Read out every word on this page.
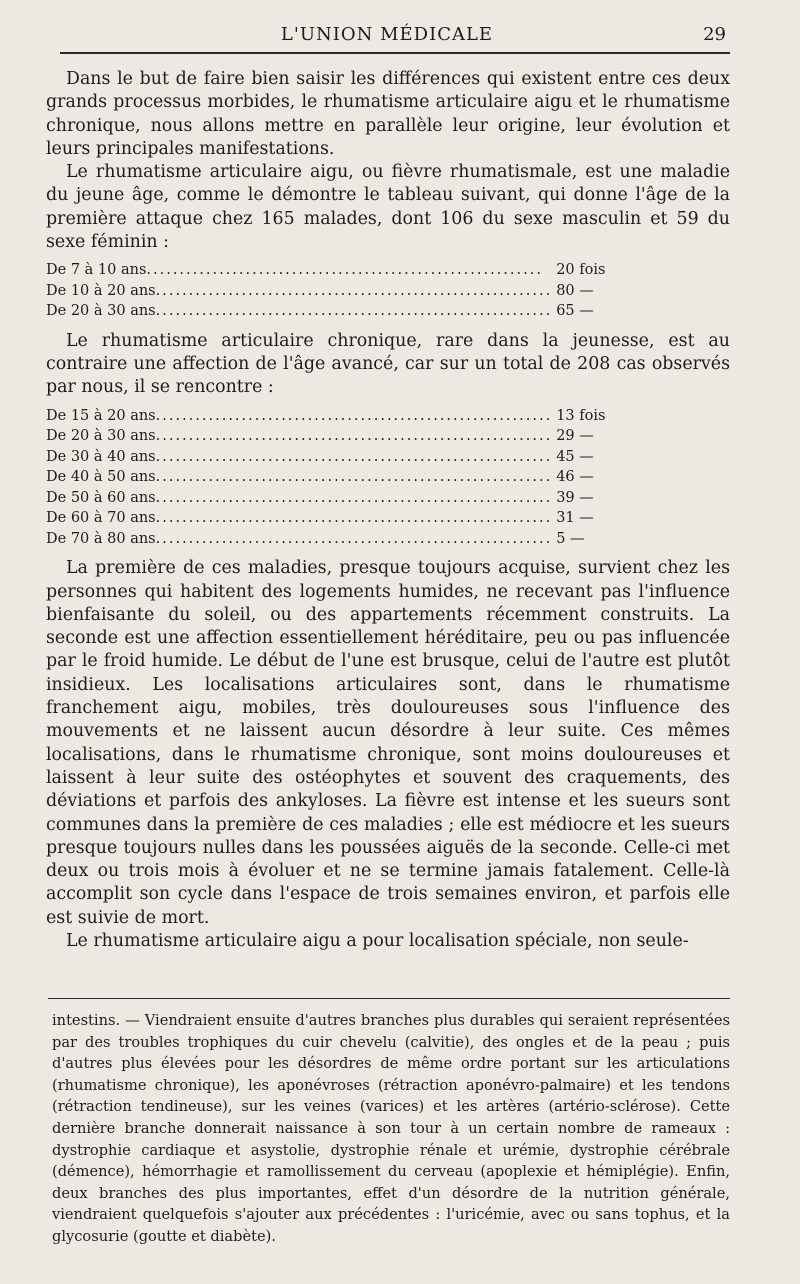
L'UNION MÉDICALE	29

Dans le but de faire bien saisir les différences qui existent entre ces deux grands processus morbides, le rhumatisme articulaire aigu et le rhumatisme chronique, nous allons mettre en parallèle leur origine, leur évolution et leurs principales manifestations.

Le rhumatisme articulaire aigu, ou fièvre rhumatismale, est une maladie du jeune âge, comme le démontre le tableau suivant, qui donne l'âge de la première attaque chez 165 malades, dont 106 du sexe masculin et 59 du sexe féminin :

De 7 à 10 ans............................................................	20 fois
De 10 à 20 ans............................................................	80 —
De 20 à 30 ans............................................................	65 —

Le rhumatisme articulaire chronique, rare dans la jeunesse, est au contraire une affection de l'âge avancé, car sur un total de 208 cas observés par nous, il se rencontre :

De 15 à 20 ans............................................................	13 fois
De 20 à 30 ans............................................................	29 —
De 30 à 40 ans............................................................	45 —
De 40 à 50 ans............................................................	46 —
De 50 à 60 ans............................................................	39 —
De 60 à 70 ans............................................................	31 —
De 70 à 80 ans............................................................	5 —

La première de ces maladies, presque toujours acquise, survient chez les personnes qui habitent des logements humides, ne recevant pas l'influence bienfaisante du soleil, ou des appartements récemment construits. La seconde est une affection essentiellement héréditaire, peu ou pas influencée par le froid humide. Le début de l'une est brusque, celui de l'autre est plutôt insidieux. Les localisations articulaires sont, dans le rhumatisme franchement aigu, mobiles, très douloureuses sous l'influence des mouvements et ne laissent aucun désordre à leur suite. Ces mêmes localisations, dans le rhumatisme chronique, sont moins douloureuses et laissent à leur suite des ostéophytes et souvent des craquements, des déviations et parfois des ankyloses. La fièvre est intense et les sueurs sont communes dans la première de ces maladies ; elle est médiocre et les sueurs presque toujours nulles dans les poussées aiguës de la seconde. Celle-ci met deux ou trois mois à évoluer et ne se termine jamais fatalement. Celle-là accomplit son cycle dans l'espace de trois semaines environ, et parfois elle est suivie de mort.

Le rhumatisme articulaire aigu a pour localisation spéciale, non seule-

intestins. — Viendraient ensuite d'autres branches plus durables qui seraient représentées par des troubles trophiques du cuir chevelu (calvitie), des ongles et de la peau ; puis d'autres plus élevées pour les désordres de même ordre portant sur les articulations (rhumatisme chronique), les aponévroses (rétraction aponévro-palmaire) et les tendons (rétraction tendineuse), sur les veines (varices) et les artères (artério-sclérose). Cette dernière branche donnerait naissance à son tour à un certain nombre de rameaux : dystrophie cardiaque et asystolie, dystrophie rénale et urémie, dystrophie cérébrale (démence), hémorrhagie et ramollissement du cerveau (apoplexie et hémiplégie). Enfin, deux branches des plus importantes, effet d'un désordre de la nutrition générale, viendraient quelquefois s'ajouter aux précédentes : l'uricémie, avec ou sans tophus, et la glycosurie (goutte et diabète).
